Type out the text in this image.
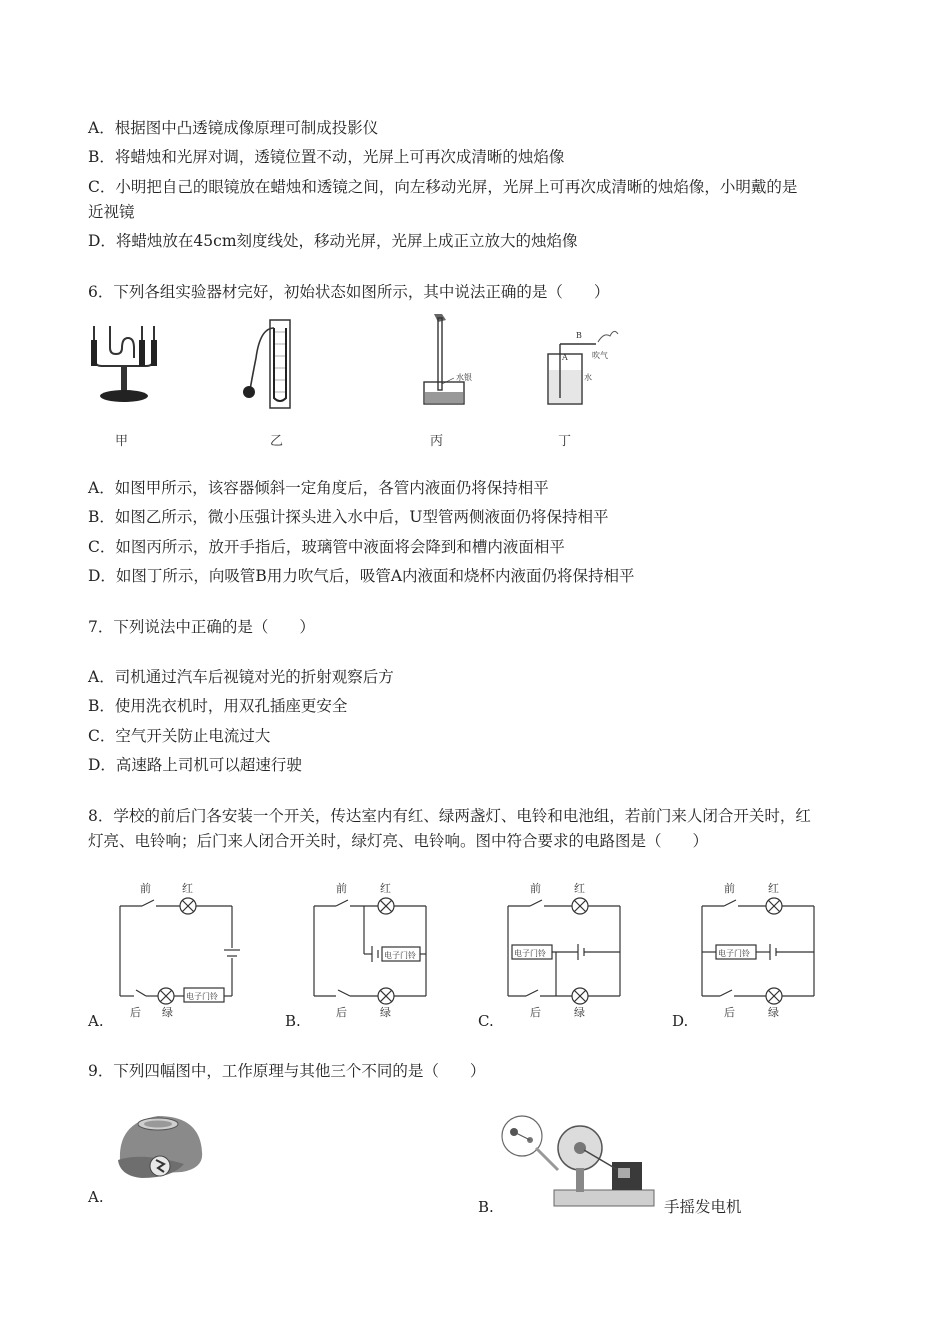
A．根据图中凸透镜成像原理可制成投影仪
B．将蜡烛和光屏对调，透镜位置不动，光屏上可再次成清晰的烛焰像
C．小明把自己的眼镜放在蜡烛和透镜之间，向左移动光屏，光屏上可再次成清晰的烛焰像，小明戴的是
近视镜
D．将蜡烛放在45cm刻度线处，移动光屏，光屏上成正立放大的烛焰像
6．下列各组实验器材完好，初始状态如图所示，其中说法正确的是（　　）
甲	乙
水银
丙
B
A	吹气
水
丁
A．如图甲所示，该容器倾斜一定角度后，各管内液面仍将保持相平
B．如图乙所示，微小压强计探头进入水中后，U型管两侧液面仍将保持相平
C．如图丙所示，放开手指后，玻璃管中液面将会降到和槽内液面相平
D．如图丁所示，向吸管B用力吹气后，吸管A内液面和烧杯内液面仍将保持相平
7．下列说法中正确的是（　　）
A．司机通过汽车后视镜对光的折射观察后方
B．使用洗衣机时，用双孔插座更安全
C．空气开关防止电流过大
D．高速路上司机可以超速行驶
8．学校的前后门各安装一个开关，传达室内有红、绿两盏灯、电铃和电池组，若前门来人闭合开关时，红
灯亮、电铃响；后门来人闭合开关时，绿灯亮、电铃响。图中符合要求的电路图是（　　）
前	红
电子门铃
后 绿
A.
前	红
电子门铃
后	绿
B.
前	红
电子门铃
后	绿
C.
前	红
电子门铃
后	绿
D.
9．下列四幅图中，工作原理与其他三个不同的是（　　）
A.
B.	手摇发电机
